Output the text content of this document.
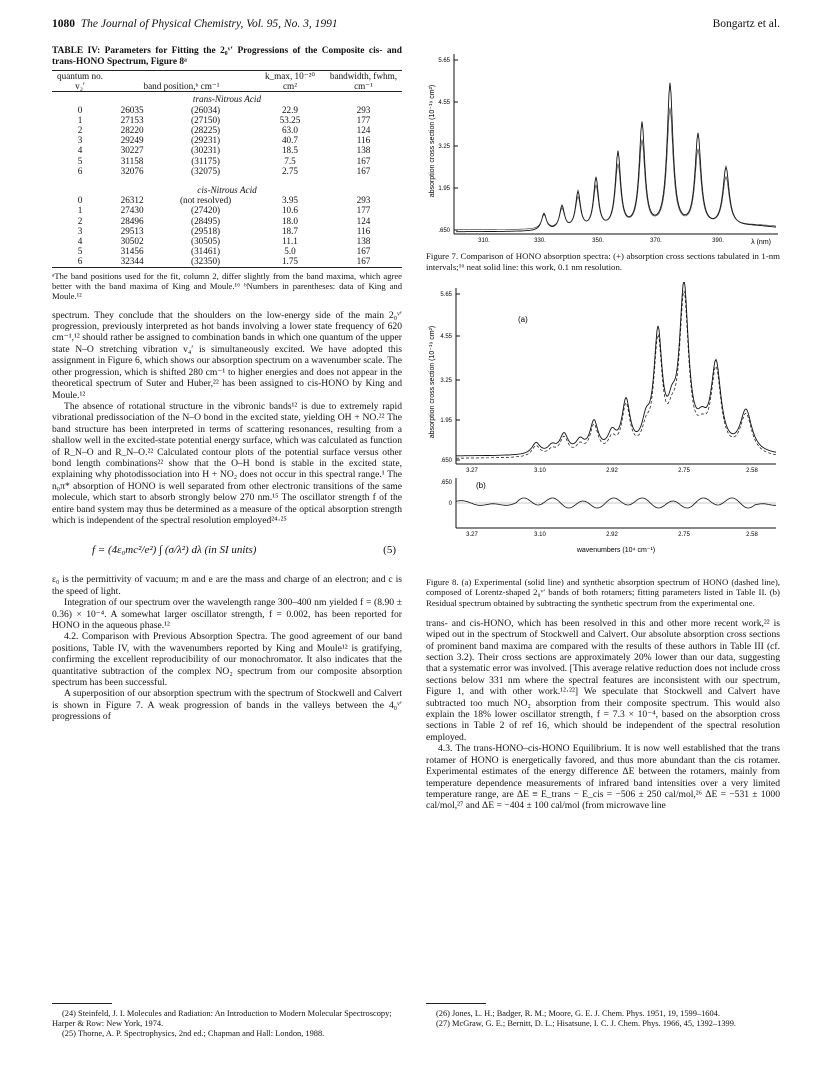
1080 The Journal of Physical Chemistry, Vol. 95, No. 3, 1991	Bongartz et al.
TABLE IV: Parameters for Fitting the 2₀ᵛ′ Progressions of the Composite cis- and trans-HONO Spectrum, Figure 8ᵃ
quantum no. v₂′	band position,ᵇ cm⁻¹		k_max, 10⁻²⁰ cm²	bandwidth, fwhm, cm⁻¹
trans-Nitrous Acid				
0	26035	(26034)	22.9	293
1	27153	(27150)	53.25	177
2	28220	(28225)	63.0	124
3	29249	(29231)	40.7	116
4	30227	(30231)	18.5	138
5	31158	(31175)	7.5	167
6	32076	(32075)	2.75	167

cis-Nitrous Acid				
0	26312	(not resolved)	3.95	293
1	27430	(27420)	10.6	177
2	28496	(28495)	18.0	124
3	29513	(29518)	18.7	116
4	30502	(30505)	11.1	138
5	31456	(31461)	5.0	167
6	32344	(32350)	1.75	167
ᵃThe band positions used for the fit, column 2, differ slightly from the band maxima, which agree better with the band maxima of King and Moule.¹⁶ ᵇNumbers in parentheses: data of King and Moule.¹²

spectrum. They conclude that the shoulders on the low-energy side of the main 2₀ᵛ′ progression, previously interpreted as hot bands involving a lower state frequency of 620 cm⁻¹,¹² should rather be assigned to combination bands in which one quantum of the upper state N–O stretching vibration v₄′ is simultaneously excited. We have adopted this assignment in Figure 6, which shows our absorption spectrum on a wavenumber scale. The other progression, which is shifted 280 cm⁻¹ to higher energies and does not appear in the theoretical spectrum of Suter and Huber,²² has been assigned to cis-HONO by King and Moule.¹²

The absence of rotational structure in the vibronic bands¹² is due to extremely rapid vibrational predissociation of the N–O bond in the excited state, yielding OH + NO.²² The band structure has been interpreted in terms of scattering resonances, resulting from a shallow well in the excited-state potential energy surface, which was calculated as function of R_N–O and R_N–O.²² Calculated contour plots of the potential surface versus other bond length combinations²² show that the O–H bond is stable in the excited state, explaining why photodissociation into H + NO₂ does not occur in this spectral range.¹ The n₀π* absorption of HONO is well separated from other electronic transitions of the same molecule, which start to absorb strongly below 270 nm.¹⁵ The oscillator strength f of the entire band system may thus be determined as a measure of the optical absorption strength which is independent of the spectral resolution employed²⁴·²⁵

f = (4ε₀mc²/e²) ∫ (σ/λ²) dλ (in SI units)	(5)

ε₀ is the permittivity of vacuum; m and e are the mass and charge of an electron; and c is the speed of light.

Integration of our spectrum over the wavelength range 300–400 nm yielded f = (8.90 ± 0.36) × 10⁻⁴. A somewhat larger oscillator strength, f = 0.002, has been reported for HONO in the aqueous phase.¹²

4.2. Comparison with Previous Absorption Spectra. The good agreement of our band positions, Table IV, with the wavenumbers reported by King and Moule¹² is gratifying, confirming the excellent reproducibility of our monochromator. It also indicates that the quantitative subtraction of the complex NO₂ spectrum from our composite absorption spectrum has been successful.

A superposition of our absorption spectrum with the spectrum of Stockwell and Calvert is shown in Figure 7. A weak progression of bands in the valleys between the 4₀ᵛ′ progressions of

absorption cross section (10⁻¹⁹ cm²)
5.65
4.55
3.25
1.95
.650
310.	330.	350.	370.	390.	λ (nm)
Figure 7. Comparison of HONO absorption spectra: (+) absorption cross sections tabulated in 1-nm intervals;¹⁶ neat solid line: this work, 0.1 nm resolution.
absorption cross section (10⁻¹⁹ cm²)
(a)
5.65
4.55
3.25
1.95
.650
3.27	3.10	2.92	2.75	2.58
(b)
.650
0
3.27	3.10	2.92	2.75	2.58
wavenumbers (10⁴ cm⁻¹)
Figure 8. (a) Experimental (solid line) and synthetic absorption spectrum of HONO (dashed line), composed of Lorentz-shaped 2₀ᵛ′ bands of both rotamers; fitting parameters listed in Table II. (b) Residual spectrum obtained by subtracting the synthetic spectrum from the experimental one.

trans- and cis-HONO, which has been resolved in this and other more recent work,²² is wiped out in the spectrum of Stockwell and Calvert. Our absolute absorption cross sections of prominent band maxima are compared with the results of these authors in Table III (cf. section 3.2). Their cross sections are approximately 20% lower than our data, suggesting that a systematic error was involved. [This average relative reduction does not include cross sections below 331 nm where the spectral features are inconsistent with our spectrum, Figure 1, and with other work.¹²·²²] We speculate that Stockwell and Calvert have subtracted too much NO₂ absorption from their composite spectrum. This would also explain the 18% lower oscillator strength, f = 7.3 × 10⁻⁴, based on the absorption cross sections in Table 2 of ref 16, which should be independent of the spectral resolution employed.

4.3. The trans-HONO–cis-HONO Equilibrium. It is now well established that the trans rotamer of HONO is energetically favored, and thus more abundant than the cis rotamer. Experimental estimates of the energy difference ΔE between the rotamers, mainly from temperature dependence measurements of infrared band intensities over a very limited temperature range, are ΔE ≡ E_trans − E_cis = −506 ± 250 cal/mol,²⁶ ΔE = −531 ± 1000 cal/mol,²⁷ and ΔE = −404 ± 100 cal/mol (from microwave line

(24) Steinfeld, J. I. Molecules and Radiation: An Introduction to Modern Molecular Spectroscopy; Harper & Row: New York, 1974.

(25) Thorne, A. P. Spectrophysics, 2nd ed.; Chapman and Hall: London, 1988.

(26) Jones, L. H.; Badger, R. M.; Moore, G. E. J. Chem. Phys. 1951, 19, 1599–1604.

(27) McGraw, G. E.; Bernitt, D. L.; Hisatsune, I. C. J. Chem. Phys. 1966, 45, 1392–1399.
